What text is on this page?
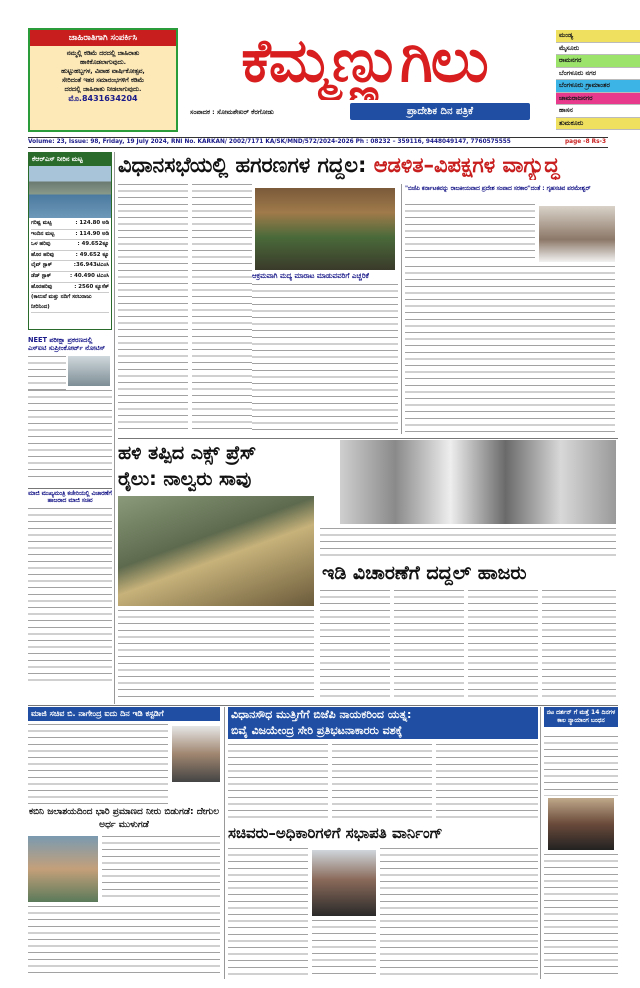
ಜಾಹಿರಾತಿಗಾಗಿ ಸಂಪರ್ಕಿಸಿ
ನಮ್ಮಲ್ಲಿ ಕಡಿಮೆ ದರದಲ್ಲಿ ಜಾಹಿರಾತು
ಹಾಕಿಕೊಡಲಾಗುವುದು.
ಹುಟ್ಟುಹಬ್ಬಗಳ, ವಿವಾಹ ವಾರ್ಷಿಕೋತ್ಸವ,
ಸೇರಿದಂತೆ ಇತರ ಸಮಾರಂಭಗಳಿಗೆ ಕಡಿಮೆ
ದರದಲ್ಲಿ ಜಾಹಿರಾತು ನೀಡಲಾಗುವುದು.
ಮೊ.8431634204
ಕೆಮ್ಮಣ್ಣುಗಿಲು
ಸಂಪಾದಕ : ಸೋಮಶೇಖರ್ ಕೆರಗೋಡು	ಪ್ರಾದೇಶಿಕ ದಿನ ಪತ್ರಿಕೆ
ಮಂಡ್ಯ
ಮೈಸೂರು
ರಾಮನಗರ
ಬೆಂಗಳೂರು ನಗರ
ಬೆಂಗಳೂರು ಗ್ರಾಮಾಂತರ
ಚಾಮರಾಜನಗರ
ಹಾಸನ
ತುಮಕೂರು
Volume: 23, Issue: 98, Friday, 19 July 2024, RNI No. KARKAN/ 2002/7171 KA/SK/MND/572/2024-2026 Ph : 08232 – 359116, 9448049147, 7760575555	page -8 Rs-3
ಕೆಆರ್‌ಎಸ್ ನೀರಿನ ಮಟ್ಟ
ಗರಿಷ್ಟ ಮಟ್ಟ	: 124.80 ಅಡಿ
ಇಂದಿನ ಮಟ್ಟ	: 114.90 ಅಡಿ
ಒಳ ಹರಿವು	: 49.652ಕ್ಯೂ
ಹೊರ ಹರಿವು	: 49.652 ಕ್ಯೂ
ಲೈವ್ ಸ್ಟಾಕ್	:36.943ಟಿಎಂಸಿ
ಡೆಡ್ ಸ್ಟಾಕ್	: 40.490 ಟಿಎಂಸಿ
ಹೊರಹರಿವು	: 2560 ಕ್ಯೂಸೆಕ್
(ಕಾಲುವೆ ಮತ್ತು ನದಿಗೆ ಸರಬರಾಜು ನೀರಿನಿಂದ)
NEET ಪರೀಕ್ಷಾ ಪ್ರಕರಣದಲ್ಲಿ ಎಸ್‌ಐಟಿ ಸುಪ್ರೀಂಕೋರ್ಟ್ ನೋಟಿಸ್
ಮಾಜಿ ಮುಖ್ಯಮಂತ್ರಿ ಕಚೇರಿಯಲ್ಲಿ ವಿಚಾರಣೆಗೆ ಹಾಜರಾದ ಮಾಜಿ ಸಚಿವ
ವಿಧಾನಸಭೆಯಲ್ಲಿ ಹಗರಣಗಳ ಗದ್ದಲ: ಆಡಳಿತ–ವಿಪಕ್ಷಗಳ ವಾಗ್ಯುದ್ಧ
ಆಕ್ರಮವಾಗಿ ಮದ್ಯ ಮಾರಾಟ ಮಾಡುವವರಿಗೆ ಎಚ್ಚರಿಕೆ
"ಬಿಜೆಪಿ ಕರ್ನಾಟಕವನ್ನು ರಾಜಕೀಯವಾದ ಪ್ರದೇಶ ಸಂಪಾದ ಸರಕಾರ"ದಂತೆ : ಗೃಹಸಚಿವ ಪರಮೇಶ್ವರ್
ಹಳಿ ತಪ್ಪಿದ ಎಕ್ಸ್ ಪ್ರೆಸ್
ರೈಲು: ನಾಲ್ವರು ಸಾವು
ಇಡಿ ವಿಚಾರಣೆಗೆ ದದ್ದಲ್ ಹಾಜರು
ಮಾಜಿ ಸಚಿವ ಬಿ. ನಾಗೇಂದ್ರ ಐದು ದಿನ ಇಡಿ ಕಸ್ಟಡಿಗೆ
ಕಬಿನಿ ಜಲಾಶಯದಿಂದ ಭಾರಿ ಪ್ರಮಾಣದ ನೀರು ಬಿಡುಗಡೆ: ದೇಗುಲ ಅರ್ಧ ಮುಳುಗಡೆ
ವಿಧಾನಸೌಧ ಮುತ್ತಿಗೆಗೆ ಬಿಜೆಪಿ ನಾಯಕರಿಂದ ಯತ್ನ:
ಬಿವೈ ವಿಜಯೇಂದ್ರ ಸೇರಿ ಪ್ರತಿಭಟನಾಕಾರರು ವಶಕ್ಕೆ
ಸಚಿವರು–ಅಧಿಕಾರಿಗಳಿಗೆ ಸಭಾಪತಿ ವಾರ್ನಿಂಗ್
ನಟ ದರ್ಶನ್ ಗೆ ಮತ್ತೆ 14 ದಿನಗಳ ಕಾಲ ನ್ಯಾಯಾಂಗ ಬಂಧನ
